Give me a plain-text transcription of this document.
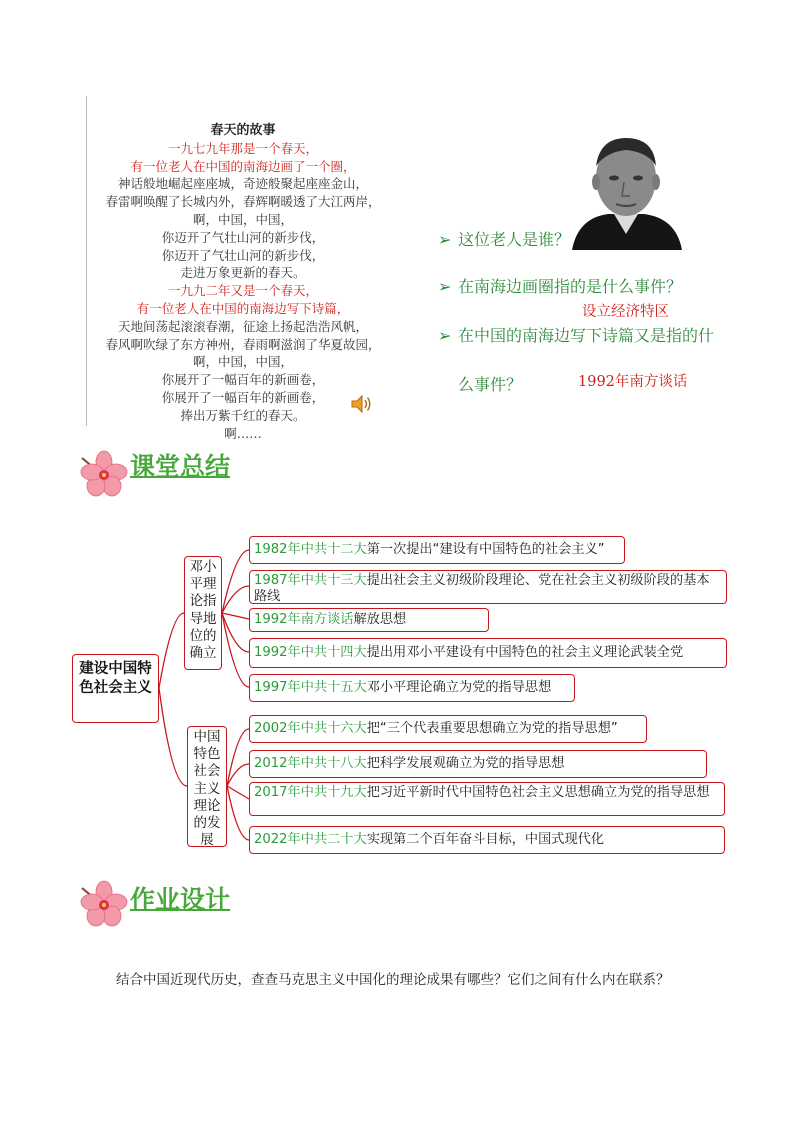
春天的故事
一九七九年那是一个春天，
有一位老人在中国的南海边画了一个圈，
神话般地崛起座座城，奇迹般聚起座座金山，
春雷啊唤醒了长城内外，春辉啊暖透了大江两岸，
啊，中国，中国，
你迈开了气壮山河的新步伐，
你迈开了气壮山河的新步伐，
走进万象更新的春天。
一九九二年又是一个春天，
有一位老人在中国的南海边写下诗篇，
天地间荡起滚滚春潮，征途上扬起浩浩风帆，
春风啊吹绿了东方神州，春雨啊滋润了华夏故园，
啊，中国，中国，
你展开了一幅百年的新画卷，
你展开了一幅百年的新画卷，
捧出万紫千红的春天。
啊……
➢ 这位老人是谁？
➢ 在南海边画圈指的是什么事件？
设立经济特区
➢ 在中国的南海边写下诗篇又是指的什
么事件？	1992年南方谈话
课堂总结
建设中国特色社会主义
邓小平理论指导地位的确立
中国特色社会主义理论的发展
1982年中共十二大第一次提出“建设有中国特色的社会主义”
1987年中共十三大提出社会主义初级阶段理论、党在社会主义初级阶段的基本路线
1992年南方谈话解放思想
1992年中共十四大提出用邓小平建设有中国特色的社会主义理论武装全党
1997年中共十五大邓小平理论确立为党的指导思想
2002年中共十六大把“三个代表重要思想确立为党的指导思想”
2012年中共十八大把科学发展观确立为党的指导思想
2017年中共十九大把习近平新时代中国特色社会主义思想确立为党的指导思想
2022年中共二十大实现第二个百年奋斗目标，中国式现代化
作业设计
结合中国近现代历史，查查马克思主义中国化的理论成果有哪些？它们之间有什么内在联系？
